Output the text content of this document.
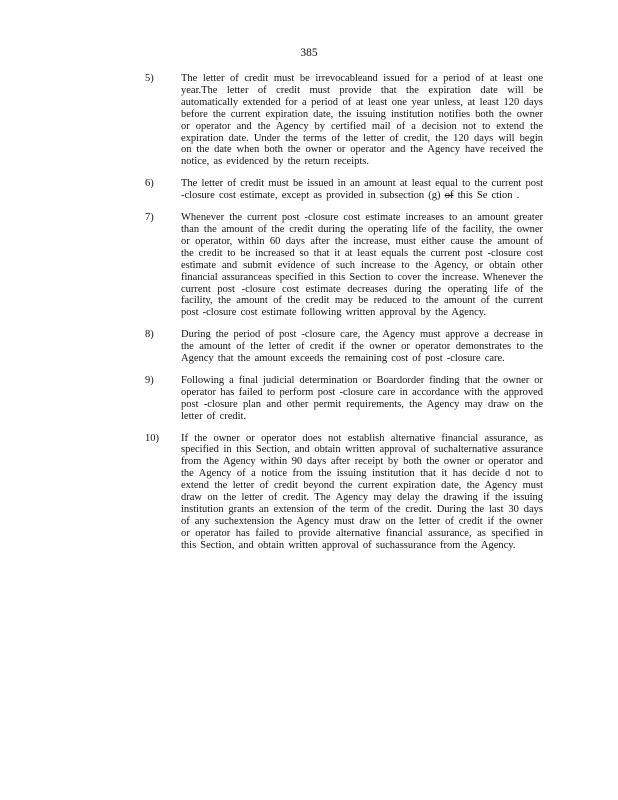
385
5)	The letter of credit must be irrevocableand issued for a period of at least one year.The letter of credit must provide that the expiration date will be automatically extended for a period of at least one year unless, at least 120 days before the current expiration date, the issuing institution notifies both the owner or operator and the Agency by certified mail of a decision not to extend the expiration date. Under the terms of the letter of credit, the 120 days will begin on the date when both the owner or operator and the Agency have received the notice, as evidenced by the return receipts.
6)	The letter of credit must be issued in an amount at least equal to the current post -closure cost estimate, except as provided in subsection (g) of this Se ction .
7)	Whenever the current post -closure cost estimate increases to an amount greater than the amount of the credit during the operating life of the facility, the owner or operator, within 60 days after the increase, must either cause the amount of the credit to be increased so that it at least equals the current post -closure cost estimate and submit evidence of such increase to the Agency, or obtain other financial assuranceas specified in this Section to cover the increase. Whenever the current post -closure cost estimate decreases during the operating life of the facility, the amount of the credit may be reduced to the amount of the current post -closure cost estimate following written approval by the Agency.
8)	During the period of post -closure care, the Agency must approve a decrease in the amount of the letter of credit if the owner or operator demonstrates to the Agency that the amount exceeds the remaining cost of post -closure care.
9)	Following a final judicial determination or Boardorder finding that the owner or operator has failed to perform post -closure care in accordance with the approved post -closure plan and other permit requirements, the Agency may draw on the letter of credit.
10) If the owner or operator does not establish alternative financial assurance, as specified in this Section, and obtain written approval of suchalternative assurance from the Agency within 90 days after receipt by both the owner or operator and the Agency of a notice from the issuing institution that it has decide d not to extend the letter of credit beyond the current expiration date, the Agency must draw on the letter of credit. The Agency may delay the drawing if the issuing institution grants an extension of the term of the credit. During the last 30 days of any suchextension the Agency must draw on the letter of credit if the owner or operator has failed to provide alternative financial assurance, as specified in this Section, and obtain written approval of suchassurance from the Agency.
